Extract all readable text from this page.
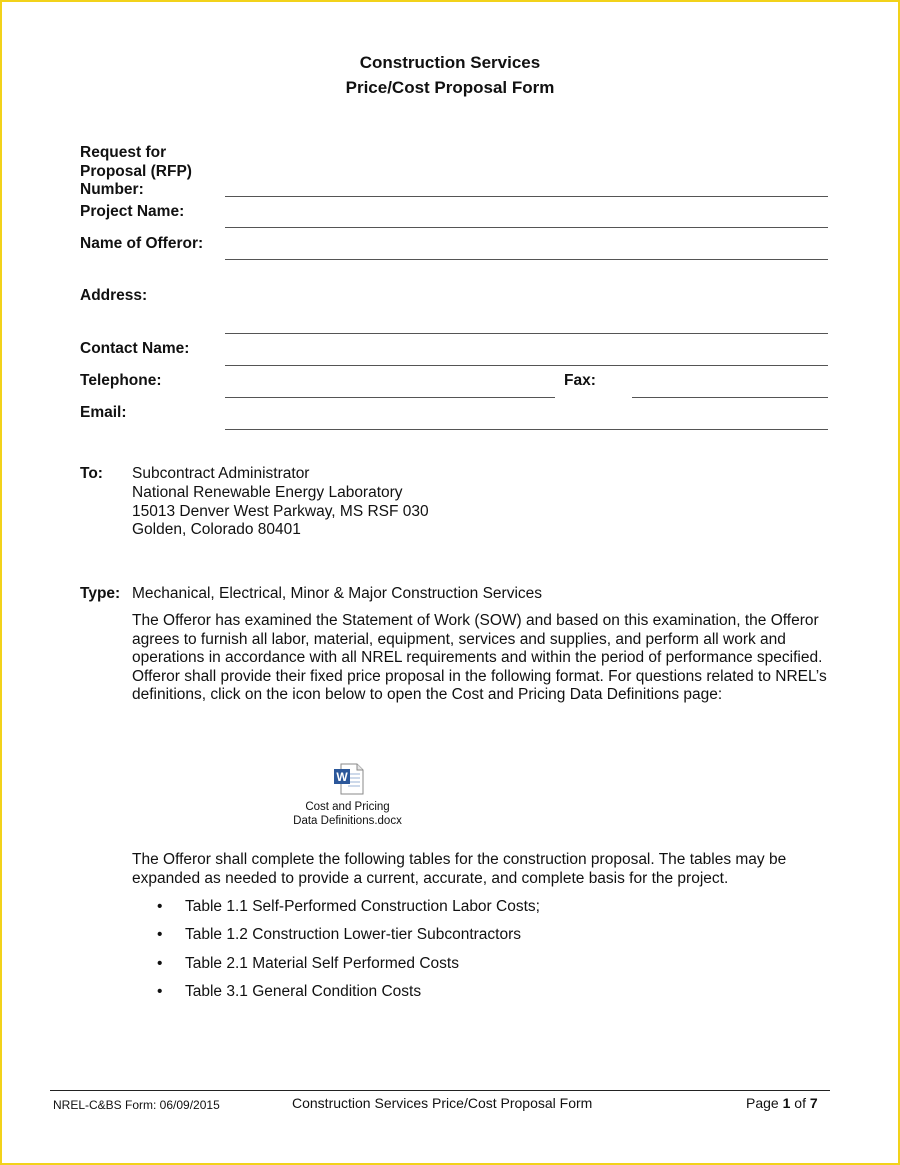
Construction Services
Price/Cost Proposal Form
Request for Proposal (RFP) Number:
Project Name:
Name of Offeror:
Address:
Contact Name:
Telephone:	Fax:
Email:
To: Subcontract Administrator
National Renewable Energy Laboratory
15013 Denver West Parkway, MS RSF 030
Golden, Colorado 80401
Type: Mechanical, Electrical, Minor & Major Construction Services
The Offeror has examined the Statement of Work (SOW) and based on this examination, the Offeror agrees to furnish all labor, material, equipment, services and supplies, and perform all work and operations in accordance with all NREL requirements and within the period of performance specified. Offeror shall provide their fixed price proposal in the following format. For questions related to NREL’s definitions, click on the icon below to open the Cost and Pricing Data Definitions page:
W
Cost and Pricing
Data Definitions.docx
The Offeror shall complete the following tables for the construction proposal. The tables may be expanded as needed to provide a current, accurate, and complete basis for the project.
• Table 1.1 Self-Performed Construction Labor Costs;
• Table 1.2 Construction Lower-tier Subcontractors
• Table 2.1 Material Self Performed Costs
• Table 3.1 General Condition Costs
NREL-C&BS Form: 06/09/2015	Construction Services Price/Cost Proposal Form	Page 1 of 7
